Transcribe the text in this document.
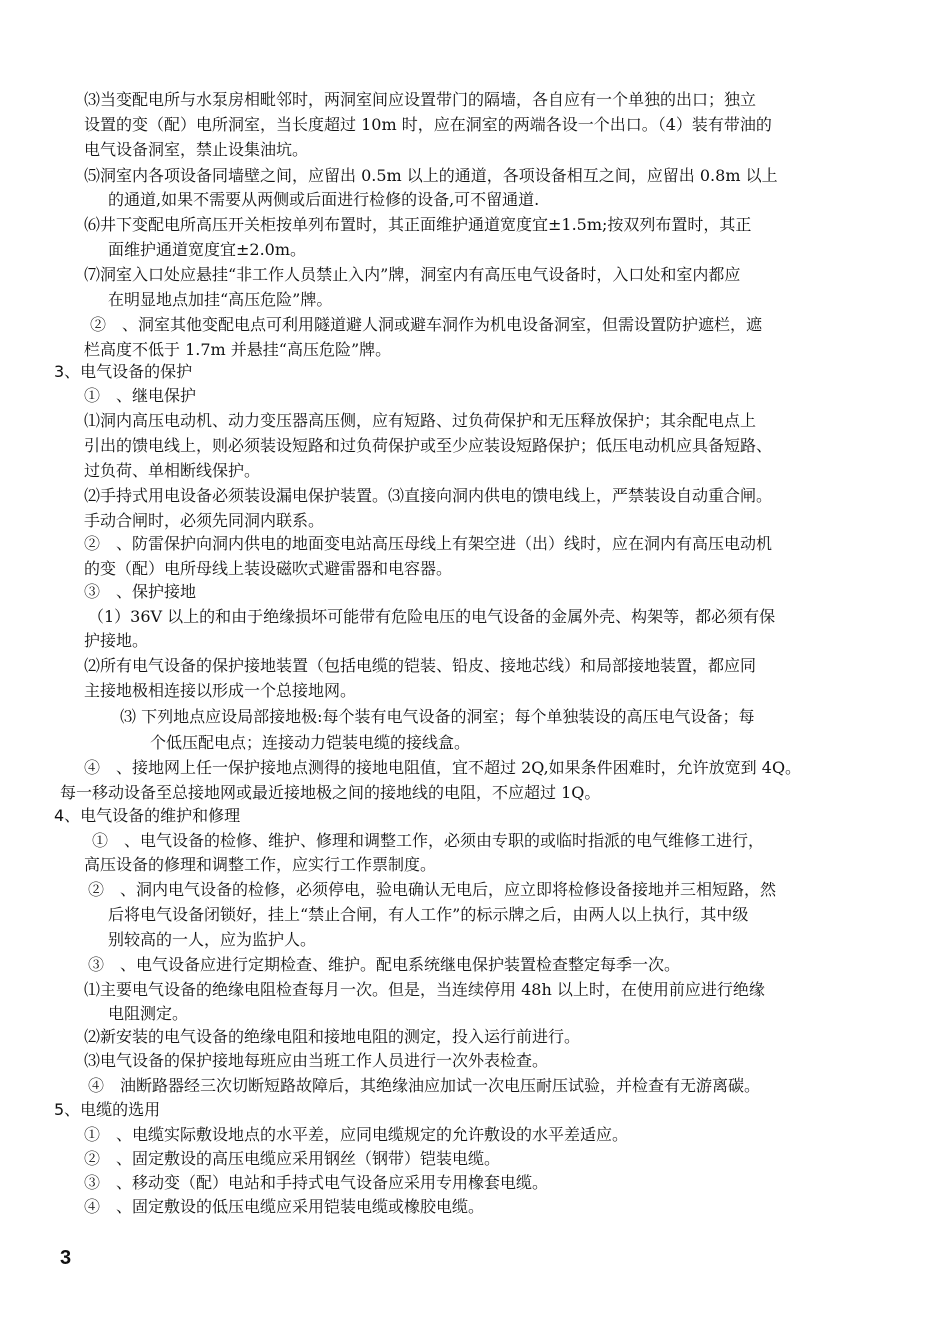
⑶当变配电所与水泵房相毗邻时，两洞室间应设置带门的隔墙，各自应有一个单独的出口；独立
设置的变（配）电所洞室，当长度超过 10m 时，应在洞室的两端各设一个出口。（4）装有带油的
电气设备洞室，禁止设集油坑。
⑸洞室内各项设备同墙壁之间，应留出 0.5m 以上的通道，各项设备相互之间，应留出 0.8m 以上
的通道,如果不需要从两侧或后面进行检修的设备,可不留通道.
⑹井下变配电所高压开关柜按单列布置时，其正面维护通道宽度宜±1.5m;按双列布置时，其正
面维护通道宽度宜±2.0m。
⑺洞室入口处应悬挂“非工作人员禁止入内”牌，洞室内有高压电气设备时，入口处和室内都应
在明显地点加挂“高压危险”牌。
②　、洞室其他变配电点可利用隧道避人洞或避车洞作为机电设备洞室，但需设置防护遮栏，遮
栏高度不低于 1.7m 并悬挂“高压危险”牌。
3、电气设备的保护
①　、继电保护
⑴洞内高压电动机、动力变压器高压侧，应有短路、过负荷保护和无压释放保护；其余配电点上
引出的馈电线上，则必须装设短路和过负荷保护或至少应装设短路保护；低压电动机应具备短路、
过负荷、单相断线保护。
⑵手持式用电设备必须装设漏电保护装置。⑶直接向洞内供电的馈电线上，严禁装设自动重合闸。
手动合闸时，必须先同洞内联系。
②　、防雷保护向洞内供电的地面变电站高压母线上有架空进（出）线时，应在洞内有高压电动机
的变（配）电所母线上装设磁吹式避雷器和电容器。
③　、保护接地
（1）36V 以上的和由于绝缘损坏可能带有危险电压的电气设备的金属外壳、构架等，都必须有保
护接地。
⑵所有电气设备的保护接地装置（包括电缆的铠装、铅皮、接地芯线）和局部接地装置，都应同
主接地极相连接以形成一个总接地网。
⑶ 下列地点应设局部接地极:每个装有电气设备的洞室；每个单独装设的高压电气设备；每
个低压配电点；连接动力铠装电缆的接线盒。
④　、接地网上任一保护接地点测得的接地电阻值，宜不超过 2Q,如果条件困难时，允许放宽到 4Q。
每一移动设备至总接地网或最近接地极之间的接地线的电阻，不应超过 1Q。
4、电气设备的维护和修理
①　、电气设备的检修、维护、修理和调整工作，必须由专职的或临时指派的电气维修工进行，
高压设备的修理和调整工作，应实行工作票制度。
②　、洞内电气设备的检修，必须停电，验电确认无电后，应立即将检修设备接地并三相短路，然
后将电气设备闭锁好，挂上“禁止合闸，有人工作”的标示牌之后，由两人以上执行，其中级
别较高的一人，应为监护人。
③　、电气设备应进行定期检查、维护。配电系统继电保护装置检查整定每季一次。
⑴主要电气设备的绝缘电阻检查每月一次。但是，当连续停用 48h 以上时，在使用前应进行绝缘
电阻测定。
⑵新安装的电气设备的绝缘电阻和接地电阻的测定，投入运行前进行。
⑶电气设备的保护接地每班应由当班工作人员进行一次外表检查。
④　油断路器经三次切断短路故障后，其绝缘油应加试一次电压耐压试验，并检查有无游离碳。
5、电缆的选用
①　、电缆实际敷设地点的水平差，应同电缆规定的允许敷设的水平差适应。
②　、固定敷设的高压电缆应采用钢丝（钢带）铠装电缆。
③　、移动变（配）电站和手持式电气设备应采用专用橡套电缆。
④　、固定敷设的低压电缆应采用铠装电缆或橡胶电缆。
3
